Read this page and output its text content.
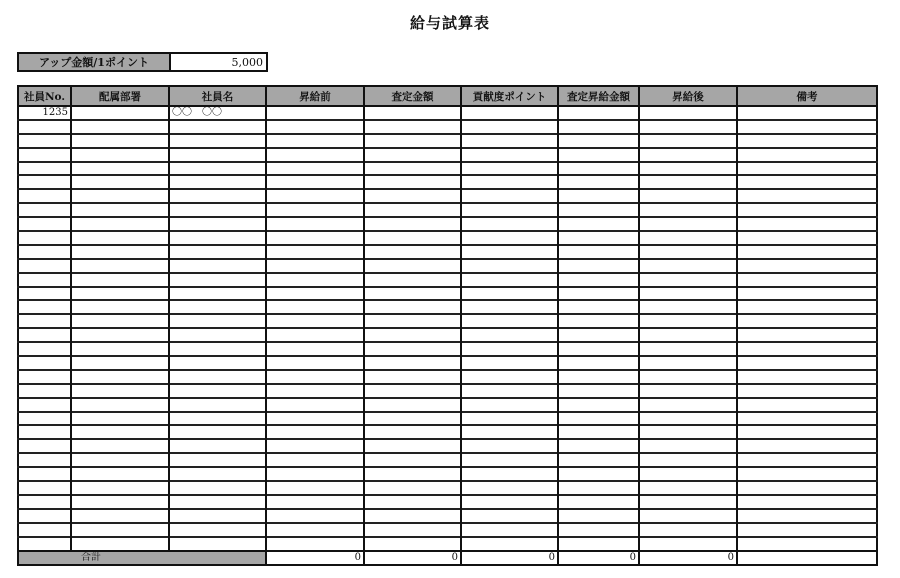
給与試算表
アップ金額/1ポイント	5,000
社員No.	配属部署	社員名	昇給前	査定金額	貢献度ポイント	査定昇給金額	昇給後	備考
1235		〇〇　〇〇						

合計			0	0	0	0	0	
